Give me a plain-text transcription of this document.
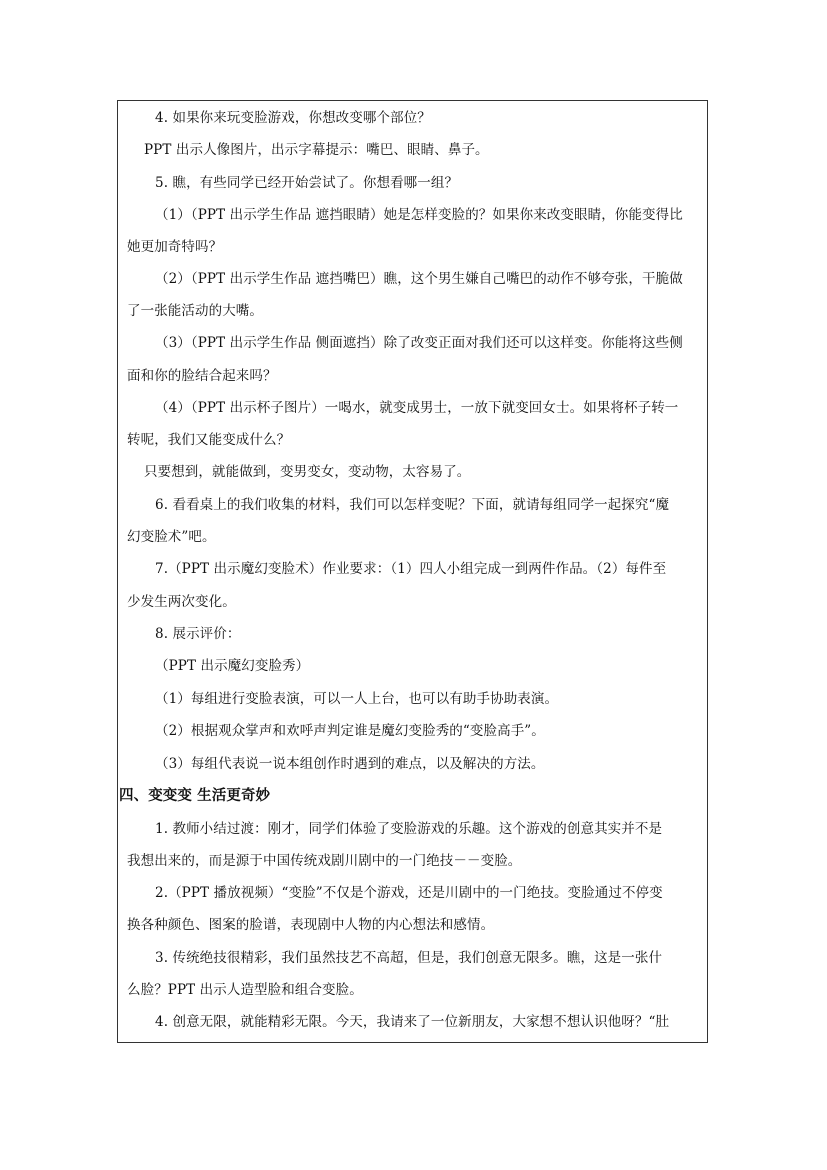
4. 如果你来玩变脸游戏，你想改变哪个部位？
PPT 出示人像图片，出示字幕提示：嘴巴、眼睛、鼻子。
5. 瞧，有些同学已经开始尝试了。你想看哪一组？
（1）（PPT 出示学生作品 遮挡眼睛）她是怎样变脸的？如果你来改变眼睛，你能变得比
她更加奇特吗？
（2）（PPT 出示学生作品 遮挡嘴巴）瞧，这个男生嫌自己嘴巴的动作不够夸张，干脆做
了一张能活动的大嘴。
（3）（PPT 出示学生作品 侧面遮挡）除了改变正面对我们还可以这样变。你能将这些侧
面和你的脸结合起来吗？
（4）（PPT 出示杯子图片）一喝水，就变成男士，一放下就变回女士。如果将杯子转一
转呢，我们又能变成什么？
只要想到，就能做到，变男变女，变动物，太容易了。
6. 看看桌上的我们收集的材料，我们可以怎样变呢？下面，就请每组同学一起探究“魔
幻变脸术”吧。
7.（PPT 出示魔幻变脸术）作业要求：（1）四人小组完成一到两件作品。（2）每件至
少发生两次变化。
8. 展示评价：
（PPT 出示魔幻变脸秀）
（1）每组进行变脸表演，可以一人上台，也可以有助手协助表演。
（2）根据观众掌声和欢呼声判定谁是魔幻变脸秀的“变脸高手”。
（3）每组代表说一说本组创作时遇到的难点，以及解决的方法。
四、变变变 生活更奇妙
1. 教师小结过渡：刚才，同学们体验了变脸游戏的乐趣。这个游戏的创意其实并不是
我想出来的，而是源于中国传统戏剧川剧中的一门绝技－－变脸。
2.（PPT 播放视频）“变脸”不仅是个游戏，还是川剧中的一门绝技。变脸通过不停变
换各种颜色、图案的脸谱，表现剧中人物的内心想法和感情。
3. 传统绝技很精彩，我们虽然技艺不高超，但是，我们创意无限多。瞧，这是一张什
么脸？PPT 出示人造型脸和组合变脸。
4. 创意无限，就能精彩无限。今天，我请来了一位新朋友，大家想不想认识他呀？“肚
